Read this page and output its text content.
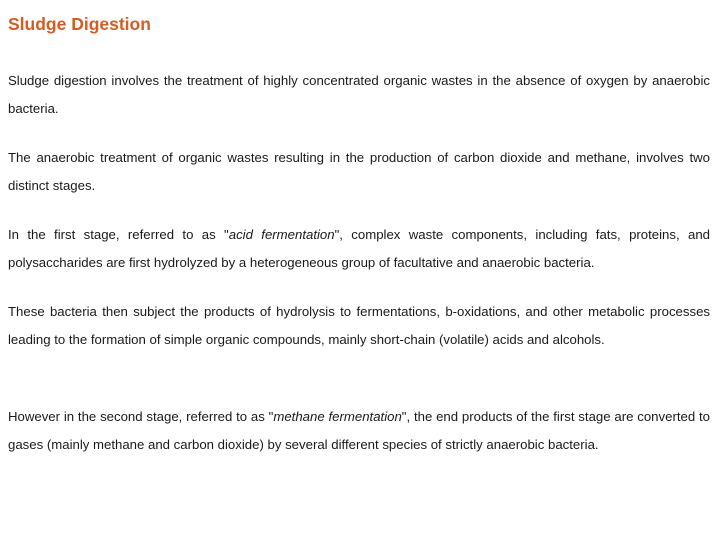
Sludge Digestion

Sludge digestion involves the treatment of highly concentrated organic wastes in the absence of oxygen by anaerobic bacteria.

The anaerobic treatment of organic wastes resulting in the production of carbon dioxide and methane, involves two distinct stages.

In the first stage, referred to as "acid fermentation", complex waste components, including fats, proteins, and polysaccharides are first hydrolyzed by a heterogeneous group of facultative and anaerobic bacteria.

These bacteria then subject the products of hydrolysis to fermentations, b-oxidations, and other metabolic processes leading to the formation of simple organic compounds, mainly short-chain (volatile) acids and alcohols.

However in the second stage, referred to as "methane fermentation", the end products of the first stage are converted to gases (mainly methane and carbon dioxide) by several different species of strictly anaerobic bacteria.
